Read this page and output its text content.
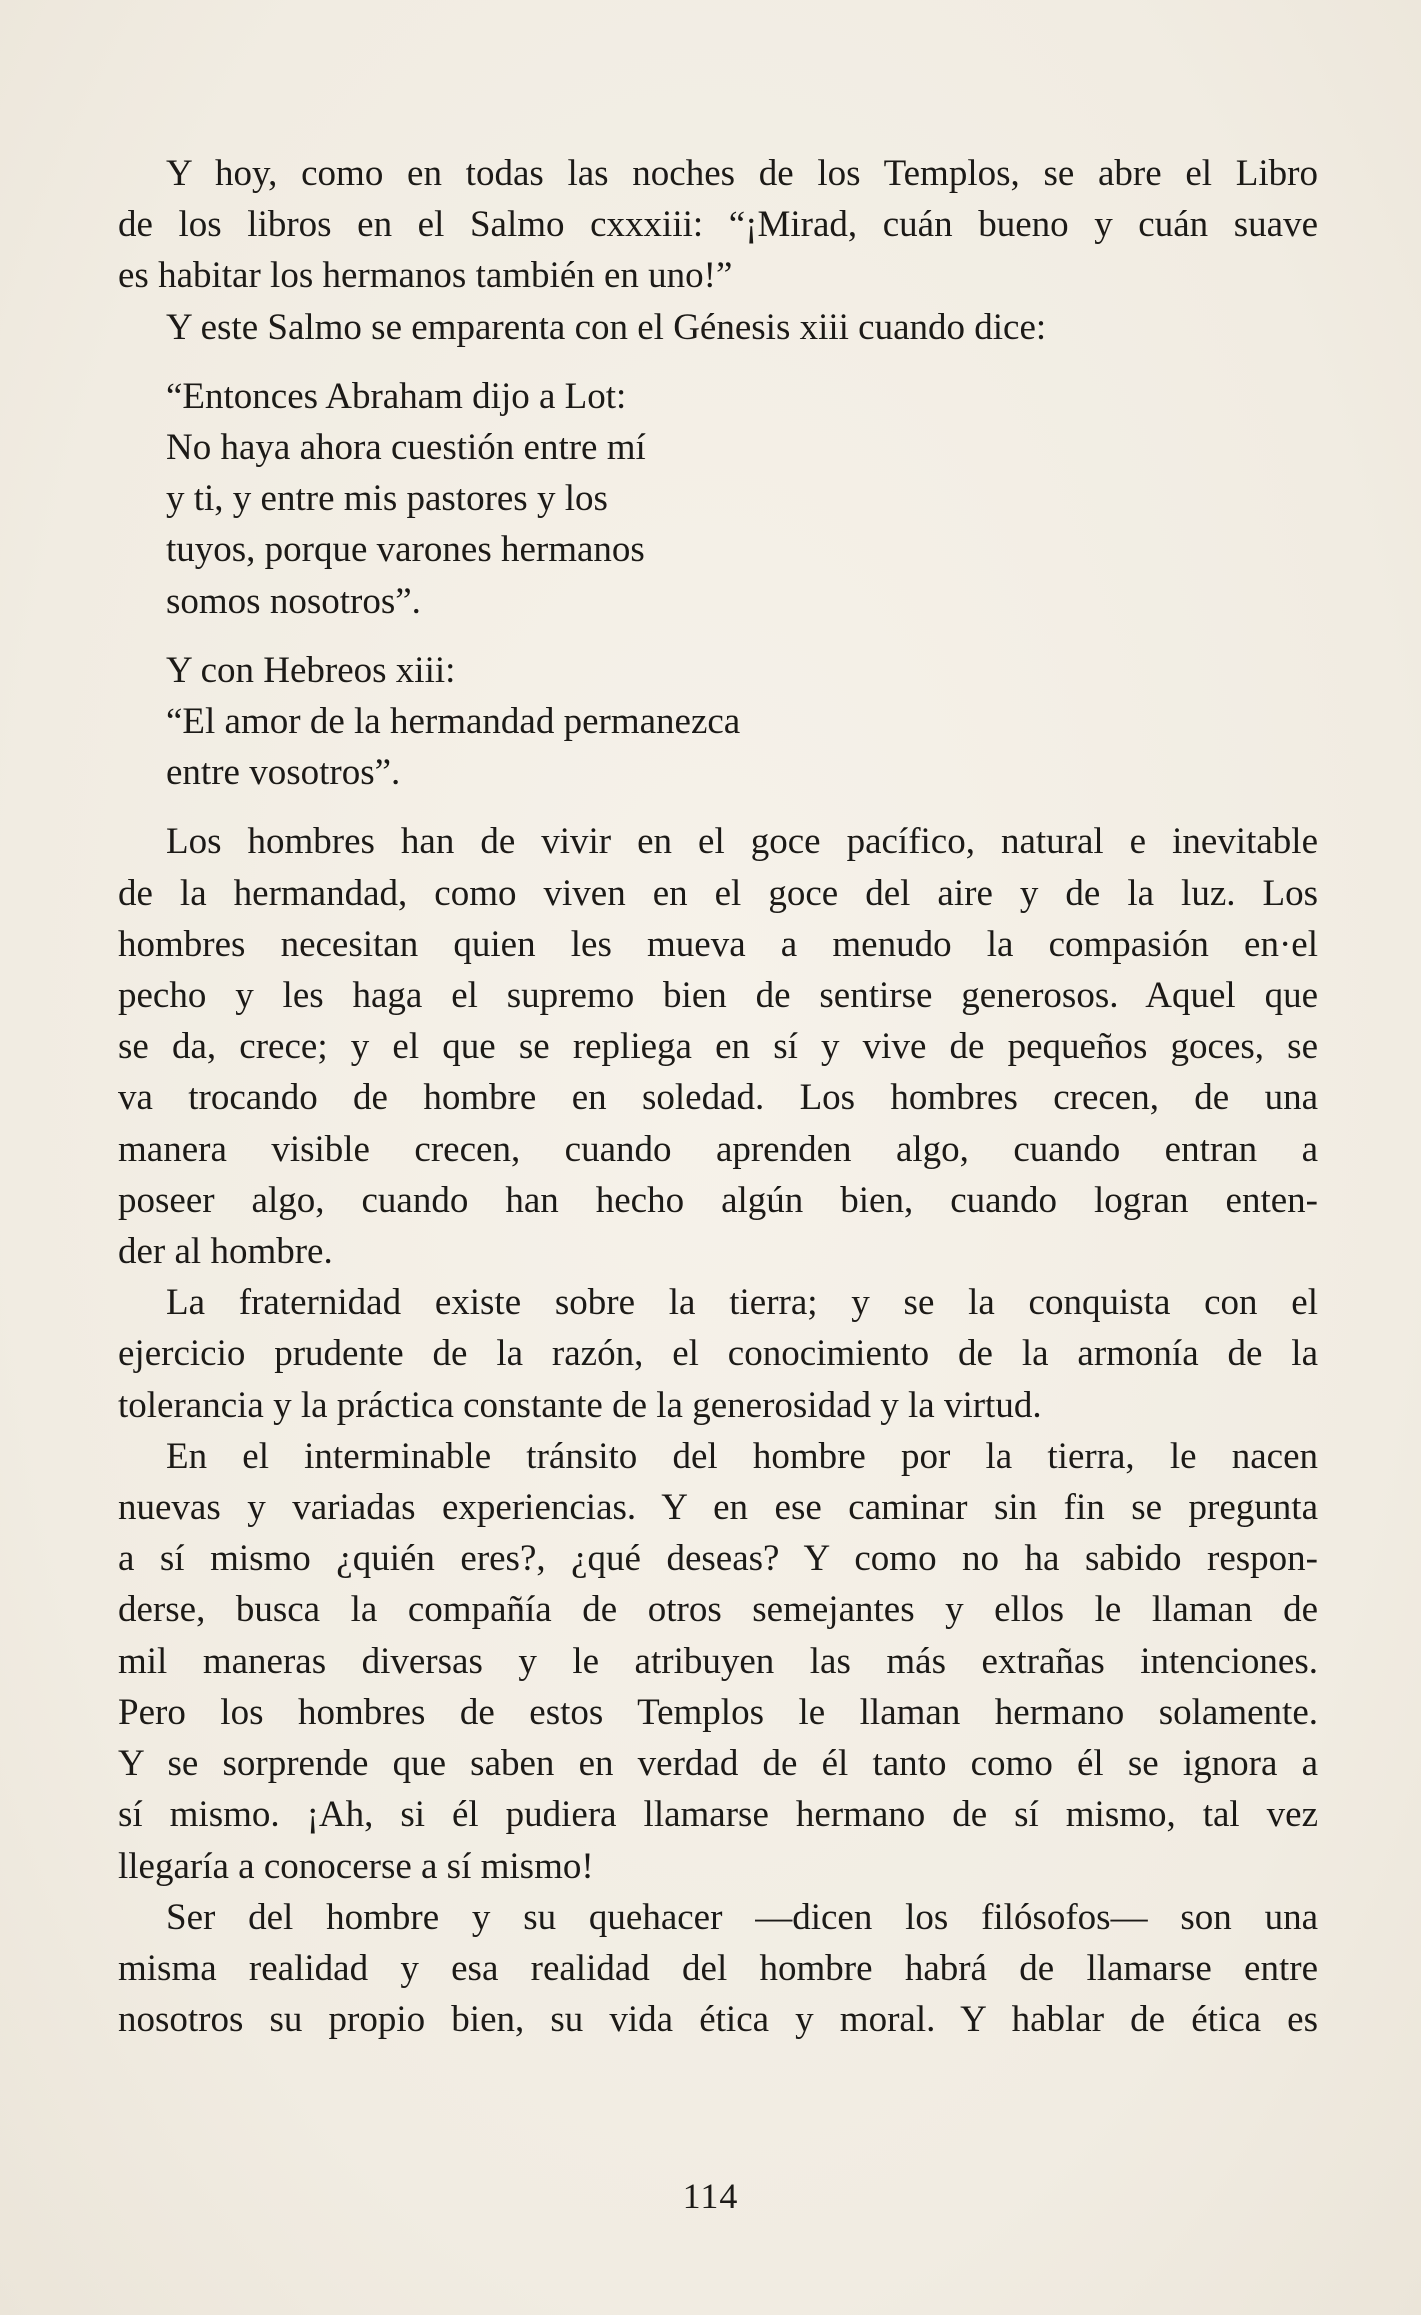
Y hoy, como en todas las noches de los Templos, se abre el Libro
de los libros en el Salmo cxxxiii: “¡Mirad, cuán bueno y cuán suave
es habitar los hermanos también en uno!”
Y este Salmo se emparenta con el Génesis xiii cuando dice:
“Entonces Abraham dijo a Lot:
No haya ahora cuestión entre mí
y ti, y entre mis pastores y los
tuyos, porque varones hermanos
somos nosotros”.
Y con Hebreos xiii:
“El amor de la hermandad permanezca
entre vosotros”.
Los hombres han de vivir en el goce pacífico, natural e inevitable
de la hermandad, como viven en el goce del aire y de la luz. Los
hombres necesitan quien les mueva a menudo la compasión en·el
pecho y les haga el supremo bien de sentirse generosos. Aquel que
se da, crece; y el que se repliega en sí y vive de pequeños goces, se
va trocando de hombre en soledad. Los hombres crecen, de una
manera visible crecen, cuando aprenden algo, cuando entran a
poseer algo, cuando han hecho algún bien, cuando logran enten-
der al hombre.
La fraternidad existe sobre la tierra; y se la conquista con el
ejercicio prudente de la razón, el conocimiento de la armonía de la
tolerancia y la práctica constante de la generosidad y la virtud.
En el interminable tránsito del hombre por la tierra, le nacen
nuevas y variadas experiencias. Y en ese caminar sin fin se pregunta
a sí mismo ¿quién eres?, ¿qué deseas? Y como no ha sabido respon-
derse, busca la compañía de otros semejantes y ellos le llaman de
mil maneras diversas y le atribuyen las más extrañas intenciones.
Pero los hombres de estos Templos le llaman hermano solamente.
Y se sorprende que saben en verdad de él tanto como él se ignora a
sí mismo. ¡Ah, si él pudiera llamarse hermano de sí mismo, tal vez
llegaría a conocerse a sí mismo!
Ser del hombre y su quehacer —dicen los filósofos— son una
misma realidad y esa realidad del hombre habrá de llamarse entre
nosotros su propio bien, su vida ética y moral. Y hablar de ética es
114
